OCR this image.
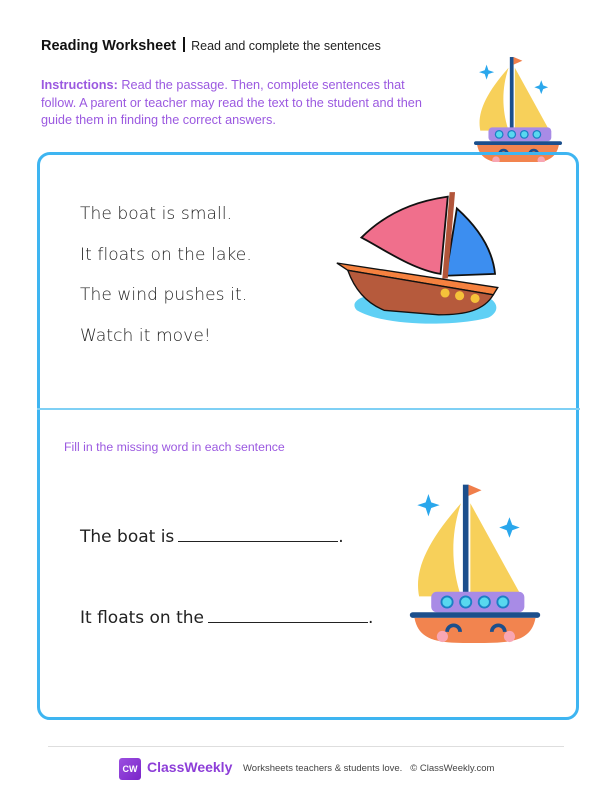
Reading Worksheet Read and complete the sentences
Instructions: Read the passage. Then, complete sentences that follow. A parent or teacher may read the text to the student and then guide them in finding the correct answers.
The boat is small.
It floats on the lake.
The wind pushes it.
Watch it move!
Fill in the missing word in each sentence
The boat is	.
It floats on the	.
CW ClassWeekly Worksheets teachers & students love. © ClassWeekly.com
